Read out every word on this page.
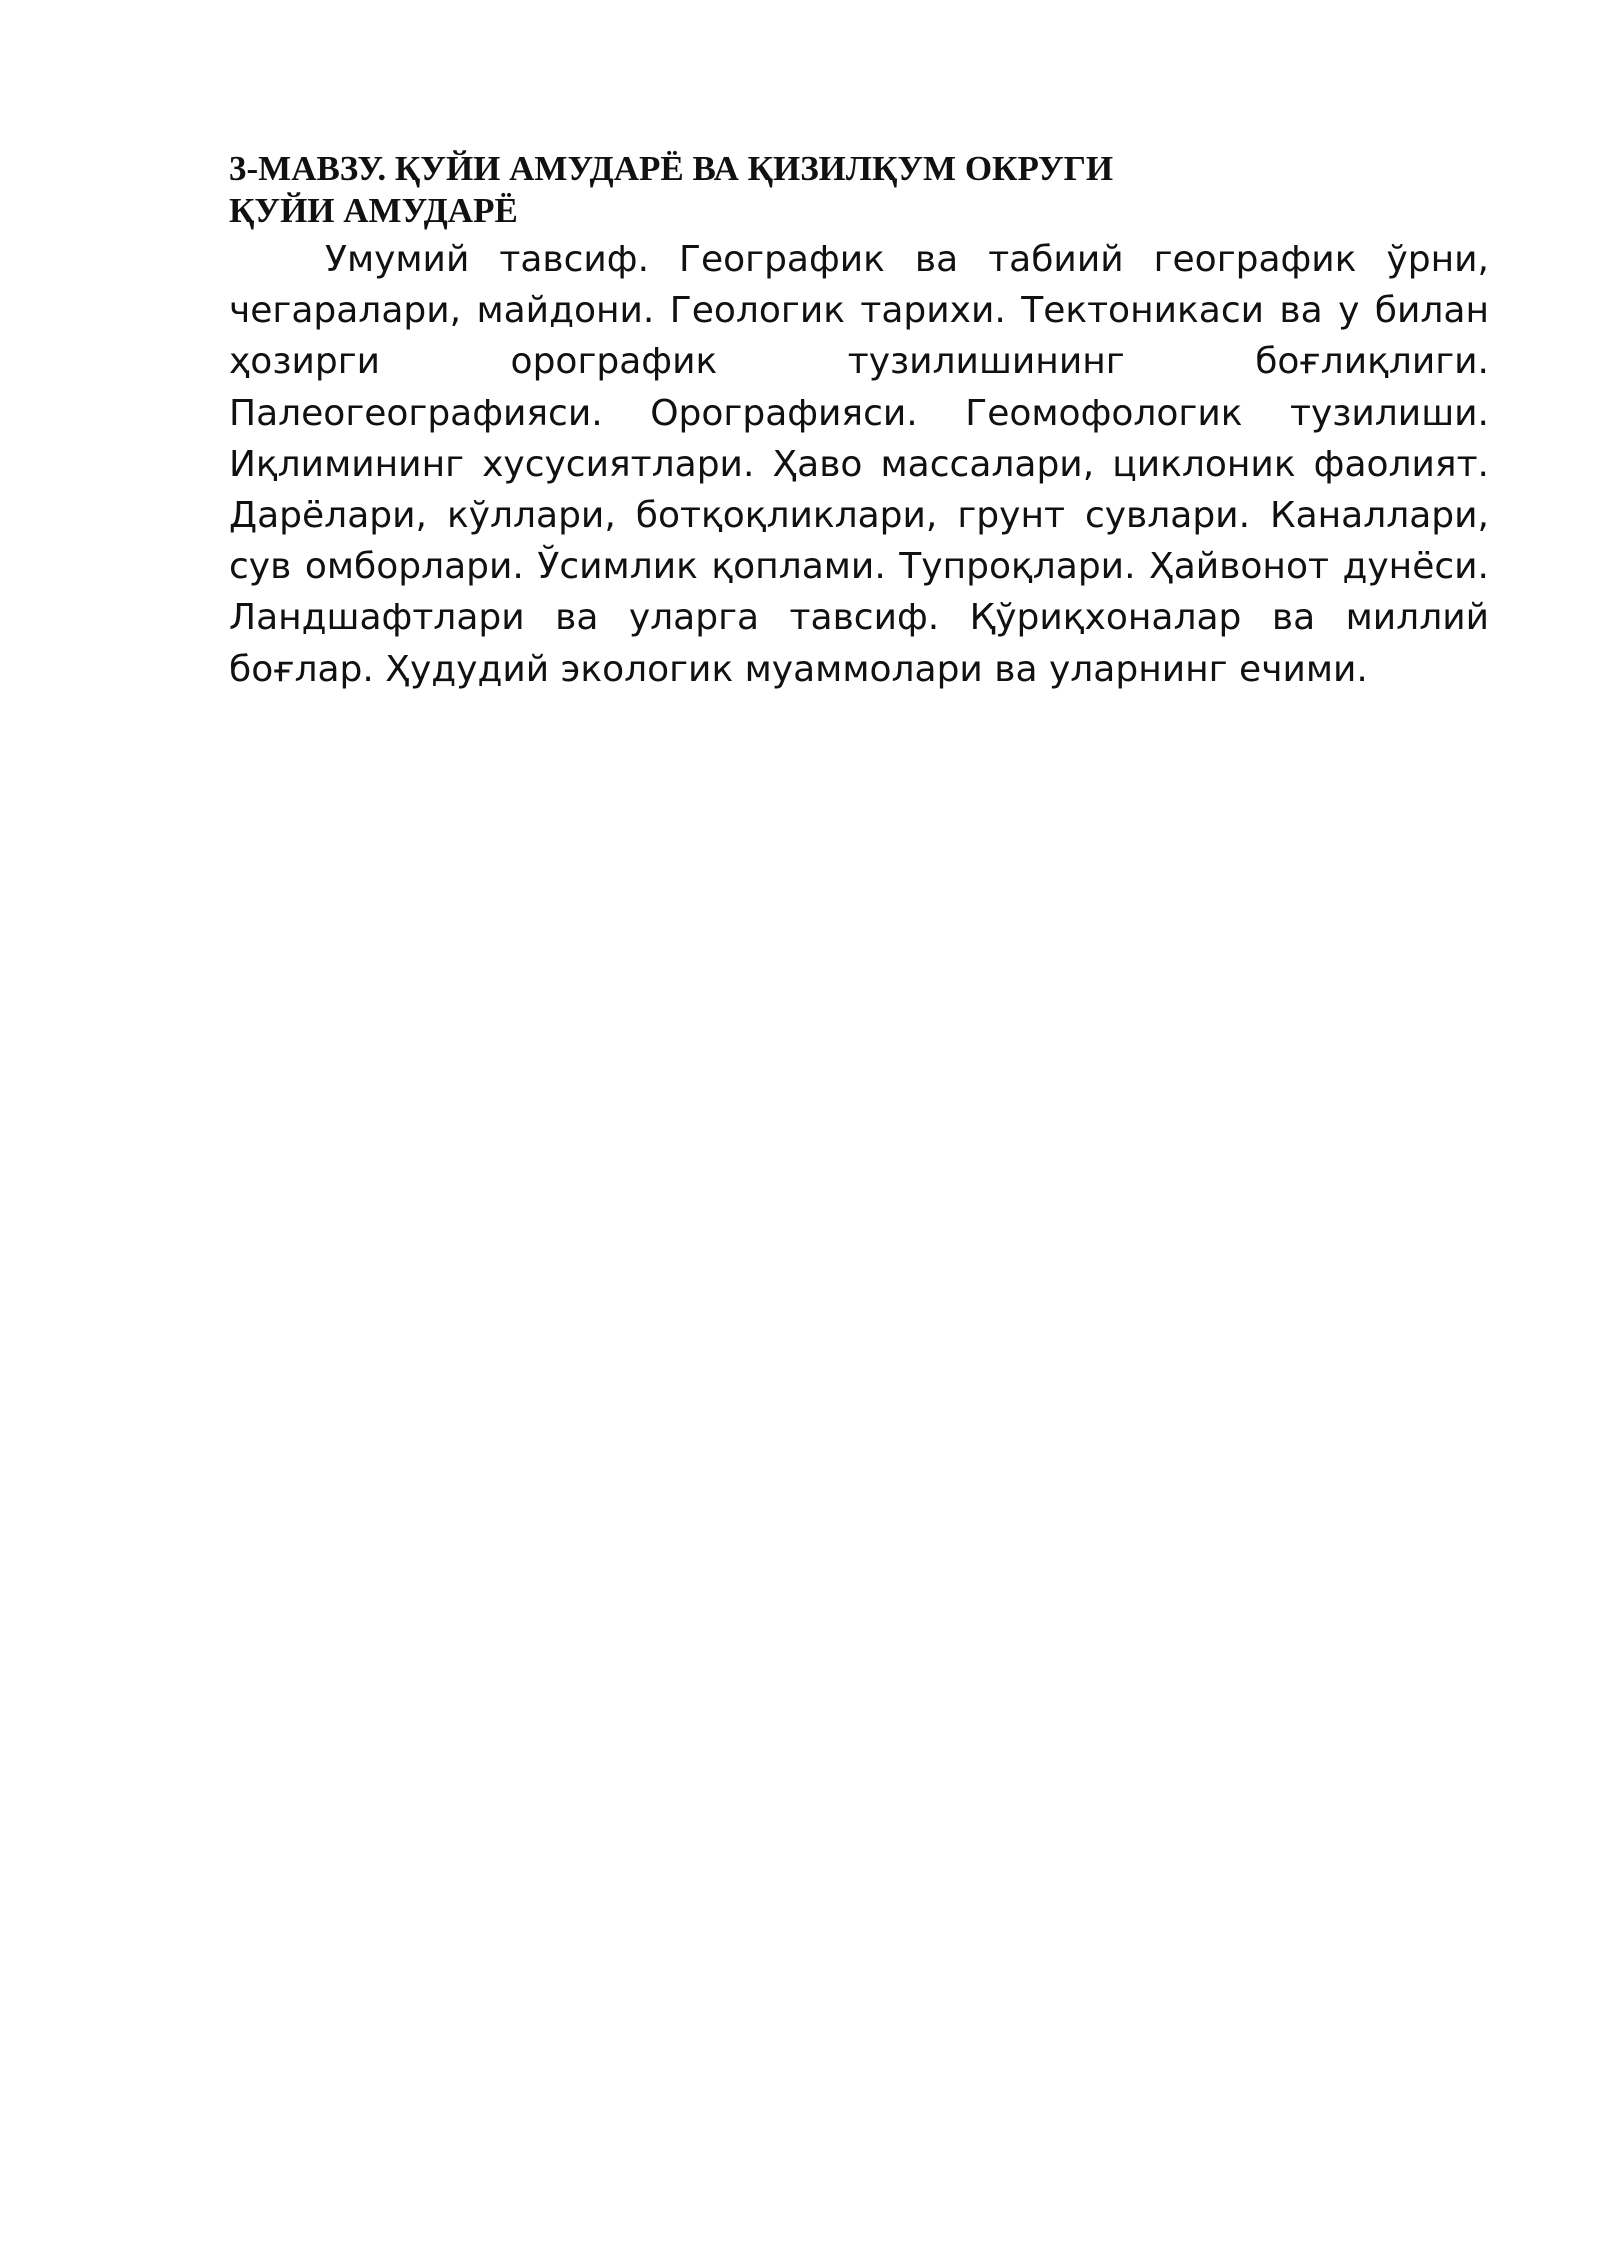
3-МАВЗУ. ҚУЙИ АМУДАРЁ ВА ҚИЗИЛҚУМ ОКРУГИ
ҚУЙИ АМУДАРЁ

Умумий тавсиф. Географик ва табиий географик ўрни, чегаралари, майдони. Геологик тарихи. Тектоникаси ва у билан ҳозирги орографик тузилишининг боғлиқлиги. Палеогеографияси. Орографияси. Геомофологик тузилиши. Иқлимининг хусусиятлари. Ҳаво массалари, циклоник фаолият. Дарёлари, кўллари, ботқоқликлари, грунт сувлари. Каналлари, сув омборлари. Ўсимлик қоплами. Тупроқлари. Ҳайвонот дунёси. Ландшафтлари ва уларга тавсиф. Қўриқхоналар ва миллий боғлар. Ҳудудий экологик муаммолари ва уларнинг ечими.
